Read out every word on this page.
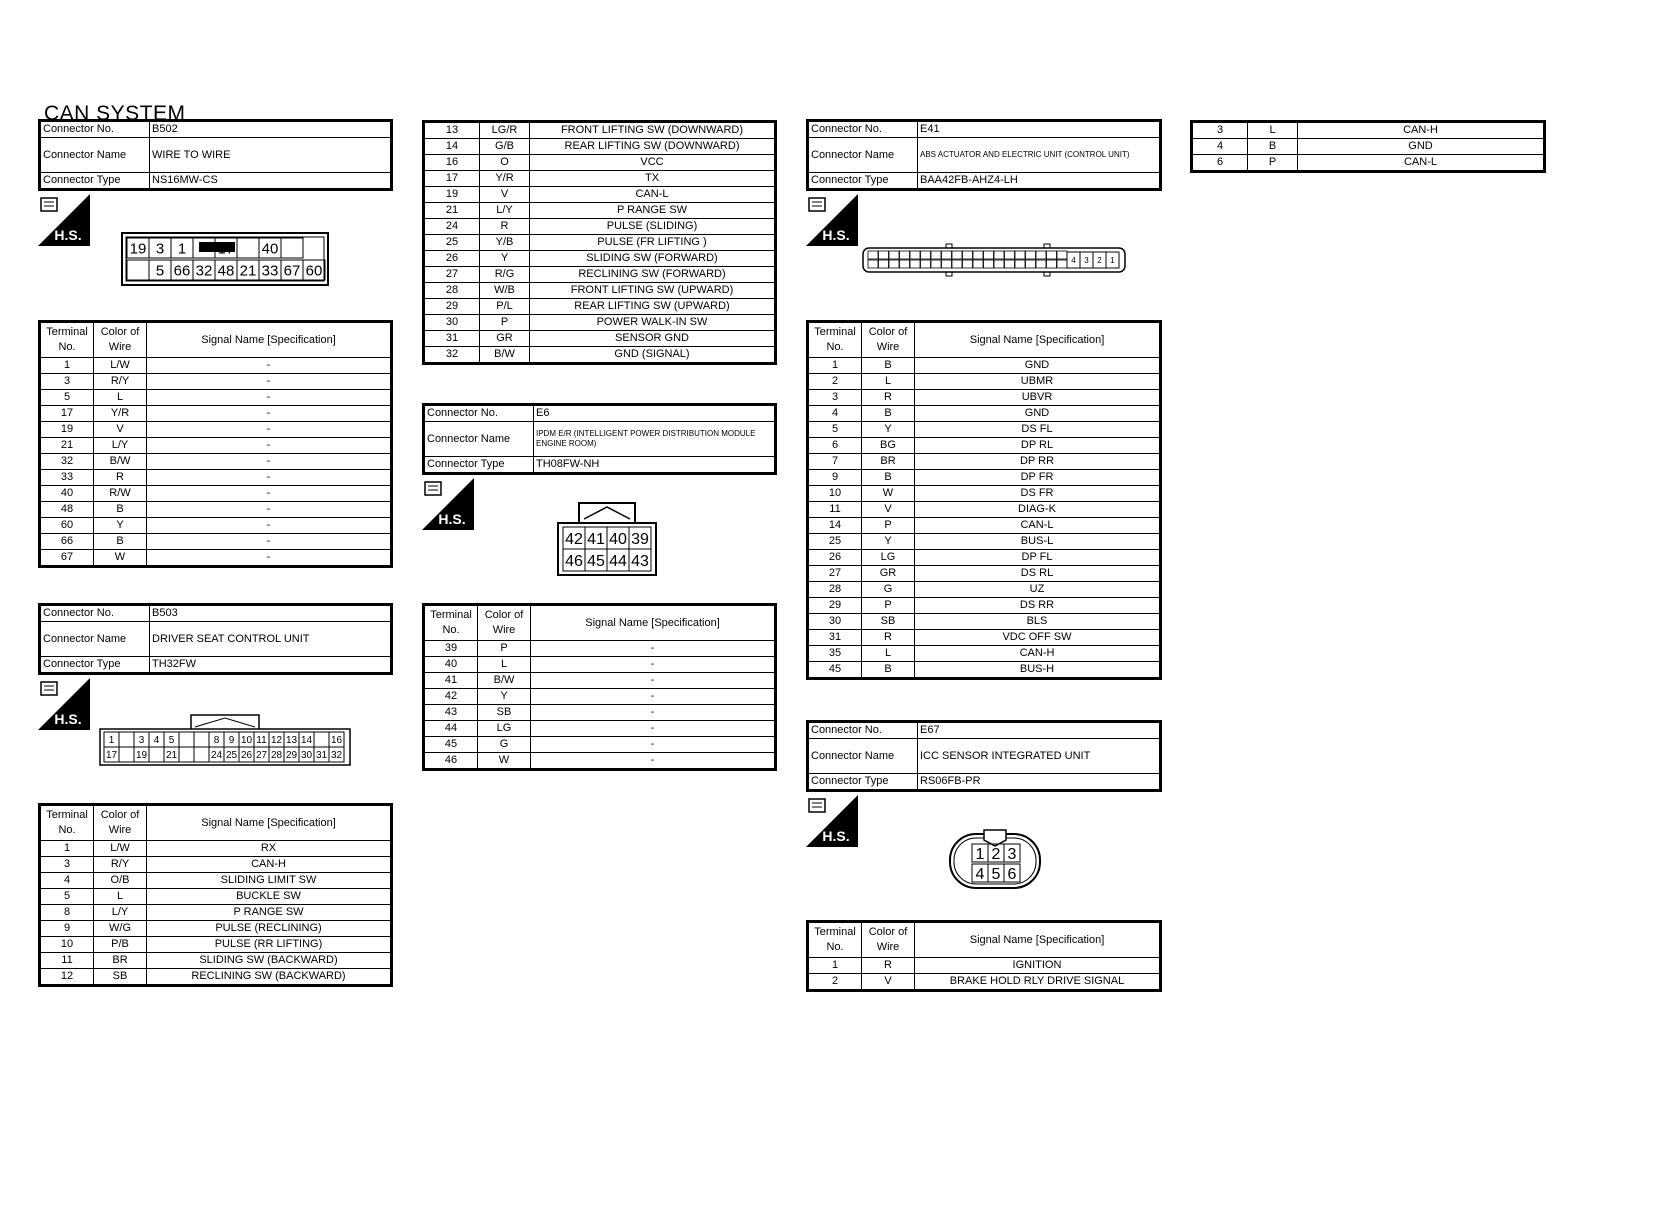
CAN SYSTEM
Connector No.	B502
Connector Name	WIRE TO WIRE
Connector Type	NS16MW-CS
H.S.
19 3 1 17 40
5 66 32 48 21 33 67 60
Terminal No.	Color of Wire	Signal Name [Specification]
1	L/W	-
3	R/Y	-
5	L	-
17	Y/R	-
19	V	-
21	L/Y	-
32	B/W	-
33	R	-
40	R/W	-
48	B	-
60	Y	-
66	B	-
67	W	-
Connector No.	B503
Connector Name	DRIVER SEAT CONTROL UNIT
Connector Type	TH32FW
H.S.
1 3 4 5	8 9 10 11 12 13 14 16
17 19 21	24 25 26 27 28 29 30 31 32
Terminal No.	Color of Wire	Signal Name [Specification]
1	L/W	RX
3	R/Y	CAN-H
4	O/B	SLIDING LIMIT SW
5	L	BUCKLE SW
8	L/Y	P RANGE SW
9	W/G	PULSE (RECLINING)
10	P/B	PULSE (RR LIFTING)
11	BR	SLIDING SW (BACKWARD)
12	SB	RECLINING SW (BACKWARD)
13	LG/R	FRONT LIFTING SW (DOWNWARD)
14	G/B	REAR LIFTING SW (DOWNWARD)
16	O	VCC
17	Y/R	TX
19	V	CAN-L
21	L/Y	P RANGE SW
24	R	PULSE (SLIDING)
25	Y/B	PULSE (FR LIFTING )
26	Y	SLIDING SW (FORWARD)
27	R/G	RECLINING SW (FORWARD)
28	W/B	FRONT LIFTING SW (UPWARD)
29	P/L	REAR LIFTING SW (UPWARD)
30	P	POWER WALK-IN SW
31	GR	SENSOR GND
32	B/W	GND (SIGNAL)
Connector No.	E6
Connector Name	IPDM E/R (INTELLIGENT POWER DISTRIBUTION MODULE ENGINE ROOM)
Connector Type	TH08FW-NH
H.S.
42 41 40 39
46 45 44 43
Terminal No.	Color of Wire	Signal Name [Specification]
39	P	-
40	L	-
41	B/W	-
42	Y	-
43	SB	-
44	LG	-
45	G	-
46	W	-
Connector No.	E41
Connector Name	ABS ACTUATOR AND ELECTRIC UNIT (CONTROL UNIT)
Connector Type	BAA42FB-AHZ4-LH
H.S.
4 3 2 1
Terminal No.	Color of Wire	Signal Name [Specification]
1	B	GND
2	L	UBMR
3	R	UBVR
4	B	GND
5	Y	DS FL
6	BG	DP RL
7	BR	DP RR
9	B	DP FR
10	W	DS FR
11	V	DIAG-K
14	P	CAN-L
25	Y	BUS-L
26	LG	DP FL
27	GR	DS RL
28	G	UZ
29	P	DS RR
30	SB	BLS
31	R	VDC OFF SW
35	L	CAN-H
45	B	BUS-H
Connector No.	E67
Connector Name	ICC SENSOR INTEGRATED UNIT
Connector Type	RS06FB-PR
H.S.
1 2 3
4 5 6
Terminal No.	Color of Wire	Signal Name [Specification]
1	R	IGNITION
2	V	BRAKE HOLD RLY DRIVE SIGNAL
3	L	CAN-H
4	B	GND
6	P	CAN-L
